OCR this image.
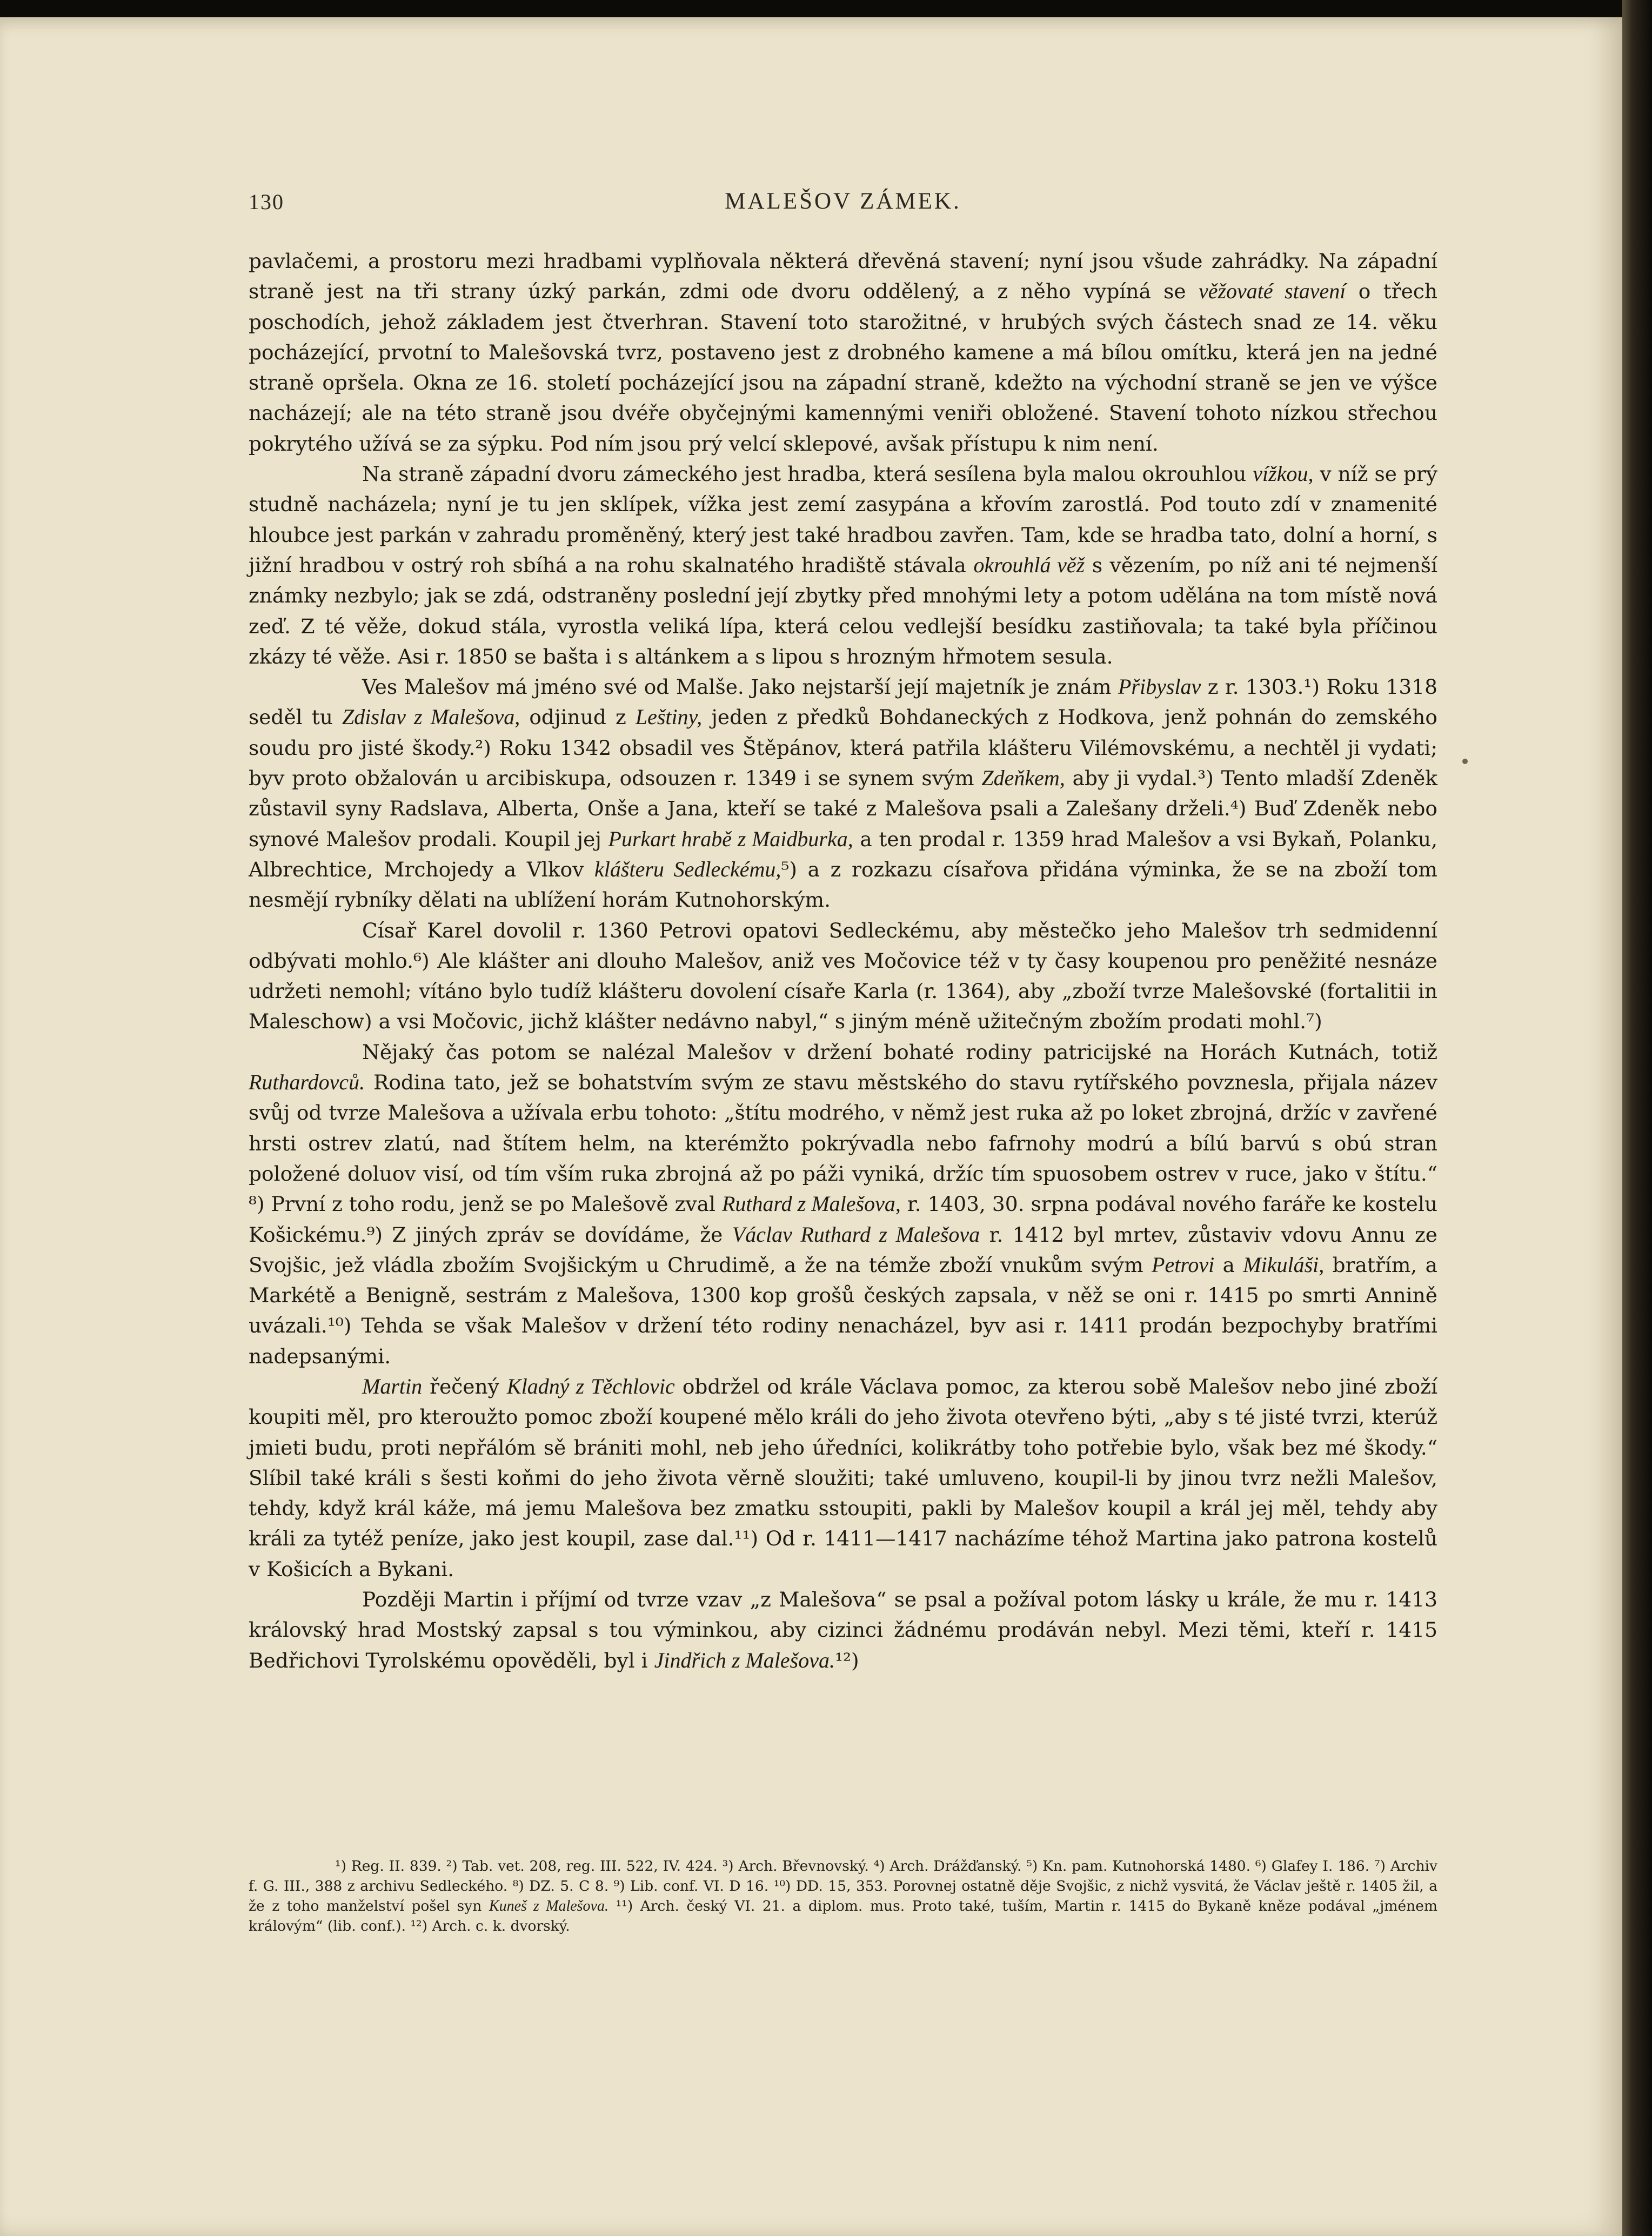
130	MALEŠOV ZÁMEK.

pavlačemi, a prostoru mezi hradbami vyplňovala některá dřevěná stavení; nyní jsou všude zahrádky. Na západní straně jest na tři strany úzký parkán, zdmi ode dvoru oddělený, a z něho vypíná se věžovaté stavení o třech poschodích, jehož základem jest čtverhran. Stavení toto starožitné, v hrubých svých částech snad ze 14. věku pocházející, prvotní to Malešovská tvrz, postaveno jest z drobného kamene a má bílou omítku, která jen na jedné straně opršela. Okna ze 16. století pocházející jsou na západní straně, kdežto na východní straně se jen ve výšce nacházejí; ale na této straně jsou dvéře obyčejnými kamennými veniři obložené. Stavení tohoto nízkou střechou pokrytého užívá se za sýpku. Pod ním jsou prý velcí sklepové, avšak přístupu k nim není.

Na straně západní dvoru zámeckého jest hradba, která sesílena byla malou okrouhlou vížkou, v níž se prý studně nacházela; nyní je tu jen sklípek, vížka jest zemí zasypána a křovím zarostlá. Pod touto zdí v znamenité hloubce jest parkán v zahradu proměněný, který jest také hradbou zavřen. Tam, kde se hradba tato, dolní a horní, s jižní hradbou v ostrý roh sbíhá a na rohu skalnatého hradiště stávala okrouhlá věž s vězením, po níž ani té nejmenší známky nezbylo; jak se zdá, odstraněny poslední její zbytky před mnohými lety a potom udělána na tom místě nová zeď. Z té věže, dokud stála, vyrostla veliká lípa, která celou vedlejší besídku zastiňovala; ta také byla příčinou zkázy té věže. Asi r. 1850 se bašta i s altánkem a s lipou s hrozným hřmotem sesula.

Ves Malešov má jméno své od Malše. Jako nejstarší její majetník je znám Přibyslav z r. 1303.¹) Roku 1318 seděl tu Zdislav z Malešova, odjinud z Leštiny, jeden z předků Bohdaneckých z Hodkova, jenž pohnán do zemského soudu pro jisté škody.²) Roku 1342 obsadil ves Štěpánov, která patřila klášteru Vilémovskému, a nechtěl ji vydati; byv proto obžalován u arcibiskupa, odsouzen r. 1349 i se synem svým Zdeňkem, aby ji vydal.³) Tento mladší Zdeněk zůstavil syny Radslava, Alberta, Onše a Jana, kteří se také z Malešova psali a Zalešany drželi.⁴) Buď Zdeněk nebo synové Malešov prodali. Koupil jej Purkart hrabě z Maidburka, a ten prodal r. 1359 hrad Malešov a vsi Bykaň, Polanku, Albrechtice, Mrchojedy a Vlkov klášteru Sedleckému,⁵) a z rozkazu císařova přidána výminka, že se na zboží tom nesmějí rybníky dělati na ublížení horám Kutnohorským.

Císař Karel dovolil r. 1360 Petrovi opatovi Sedleckému, aby městečko jeho Malešov trh sedmidenní odbývati mohlo.⁶) Ale klášter ani dlouho Malešov, aniž ves Močovice též v ty časy koupenou pro peněžité nesnáze udržeti nemohl; vítáno bylo tudíž klášteru dovolení císaře Karla (r. 1364), aby „zboží tvrze Malešovské (fortalitii in Maleschow) a vsi Močovic, jichž klášter nedávno nabyl,“ s jiným méně užitečným zbožím prodati mohl.⁷)

Nějaký čas potom se nalézal Malešov v držení bohaté rodiny patricijské na Horách Kutnách, totiž Ruthardovců. Rodina tato, jež se bohatstvím svým ze stavu městského do stavu rytířského povznesla, přijala název svůj od tvrze Malešova a užívala erbu tohoto: „štítu modrého, v němž jest ruka až po loket zbrojná, držíc v zavřené hrsti ostrev zlatú, nad štítem helm, na kterémžto pokrývadla nebo fafrnohy modrú a bílú barvú s obú stran položené doluov visí, od tím vším ruka zbrojná až po páži vyniká, držíc tím spuosobem ostrev v ruce, jako v štítu.“ ⁸) První z toho rodu, jenž se po Malešově zval Ruthard z Malešova, r. 1403, 30. srpna podával nového faráře ke kostelu Košickému.⁹) Z jiných zpráv se dovídáme, že Václav Ruthard z Malešova r. 1412 byl mrtev, zůstaviv vdovu Annu ze Svojšic, jež vládla zbožím Svojšickým u Chrudimě, a že na témže zboží vnukům svým Petrovi a Mikuláši, bratřím, a Markétě a Benigně, sestrám z Malešova, 1300 kop grošů českých zapsala, v něž se oni r. 1415 po smrti Annině uvázali.¹⁰) Tehda se však Malešov v držení této rodiny nenacházel, byv asi r. 1411 prodán bezpochyby bratřími nadepsanými.

Martin řečený Kladný z Těchlovic obdržel od krále Václava pomoc, za kterou sobě Malešov nebo jiné zboží koupiti měl, pro kteroužto pomoc zboží koupené mělo králi do jeho života otevřeno býti, „aby s té jisté tvrzi, kterúž jmieti budu, proti nepřálóm sě brániti mohl, neb jeho úředníci, kolikrátby toho potřebie bylo, však bez mé škody.“ Slíbil také králi s šesti koňmi do jeho života věrně sloužiti; také umluveno, koupil-li by jinou tvrz nežli Malešov, tehdy, když král káže, má jemu Malešova bez zmatku sstoupiti, pakli by Malešov koupil a král jej měl, tehdy aby králi za tytéž peníze, jako jest koupil, zase dal.¹¹) Od r. 1411—1417 nacházíme téhož Martina jako patrona kostelů v Košicích a Bykani.

Později Martin i příjmí od tvrze vzav „z Malešova“ se psal a požíval potom lásky u krále, že mu r. 1413 královský hrad Mostský zapsal s tou výminkou, aby cizinci žádnému prodáván nebyl. Mezi těmi, kteří r. 1415 Bedřichovi Tyrolskému opověděli, byl i Jindřich z Malešova.¹²)

¹) Reg. II. 839. ²) Tab. vet. 208, reg. III. 522, IV. 424. ³) Arch. Břevnovský. ⁴) Arch. Drážďanský. ⁵) Kn. pam. Kutnohorská 1480. ⁶) Glafey I. 186. ⁷) Archiv f. G. III., 388 z archivu Sedleckého. ⁸) DZ. 5. C 8. ⁹) Lib. conf. VI. D 16. ¹⁰) DD. 15, 353. Porovnej ostatně děje Svojšic, z nichž vysvitá, že Václav ještě r. 1405 žil, a že z toho manželství pošel syn Kuneš z Malešova. ¹¹) Arch. český VI. 21. a diplom. mus. Proto také, tuším, Martin r. 1415 do Bykaně kněze podával „jménem královým“ (lib. conf.). ¹²) Arch. c. k. dvorský.
